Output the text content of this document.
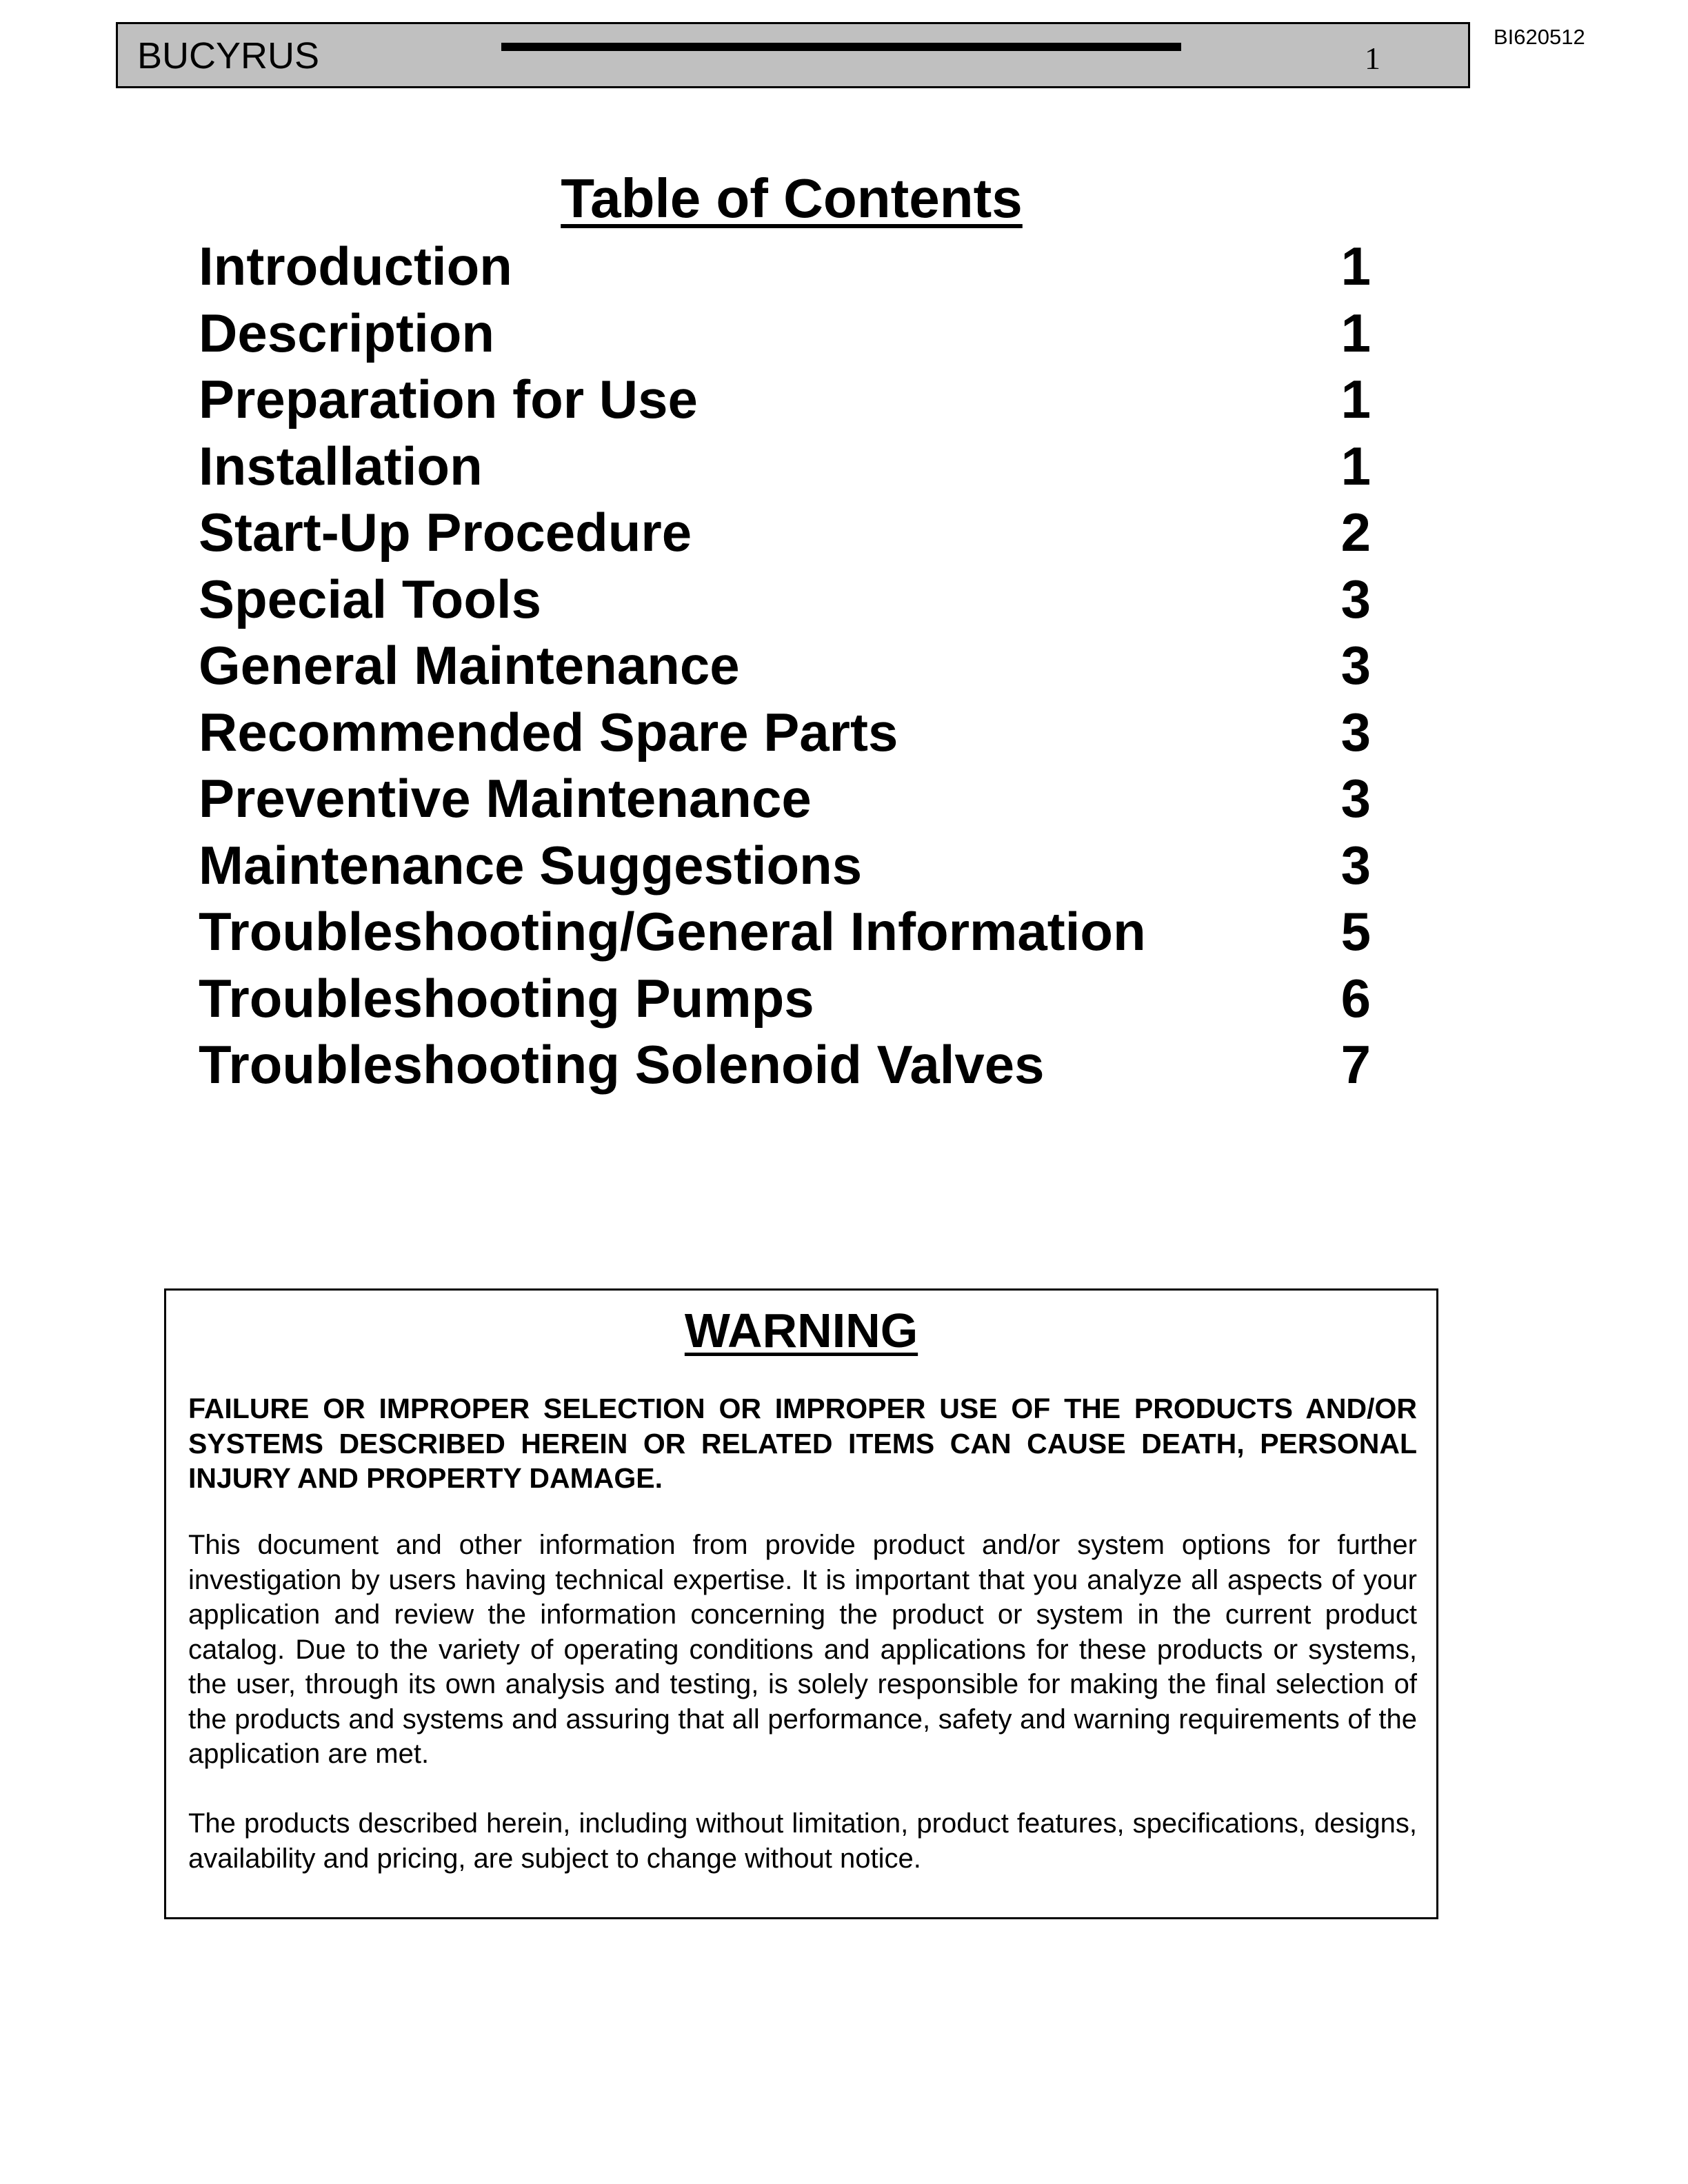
BUCYRUS	1
BI620512
Table of Contents
Introduction	1
Description	1
Preparation for Use	1
Installation	1
Start-Up Procedure	2
Special Tools	3
General Maintenance	3
Recommended Spare Parts	3
Preventive Maintenance	3
Maintenance Suggestions	3
Troubleshooting/General Information	5
Troubleshooting Pumps	6
Troubleshooting Solenoid Valves	7
WARNING

FAILURE OR IMPROPER SELECTION OR IMPROPER USE OF THE PRODUCTS AND/OR SYSTEMS DESCRIBED HEREIN OR RELATED ITEMS CAN CAUSE DEATH, PERSONAL INJURY AND PROPERTY DAMAGE.

This document and other information from provide product and/or system options for further investigation by users having technical expertise. It is important that you analyze all aspects of your application and review the information concerning the product or system in the current product catalog. Due to the variety of operating conditions and applications for these products or systems, the user, through its own analysis and testing, is solely responsible for making the final selection of the products and systems and assuring that all performance, safety and warning requirements of the application are met.

The products described herein, including without limitation, product features, specifications, designs, availability and pricing, are subject to change without notice.
